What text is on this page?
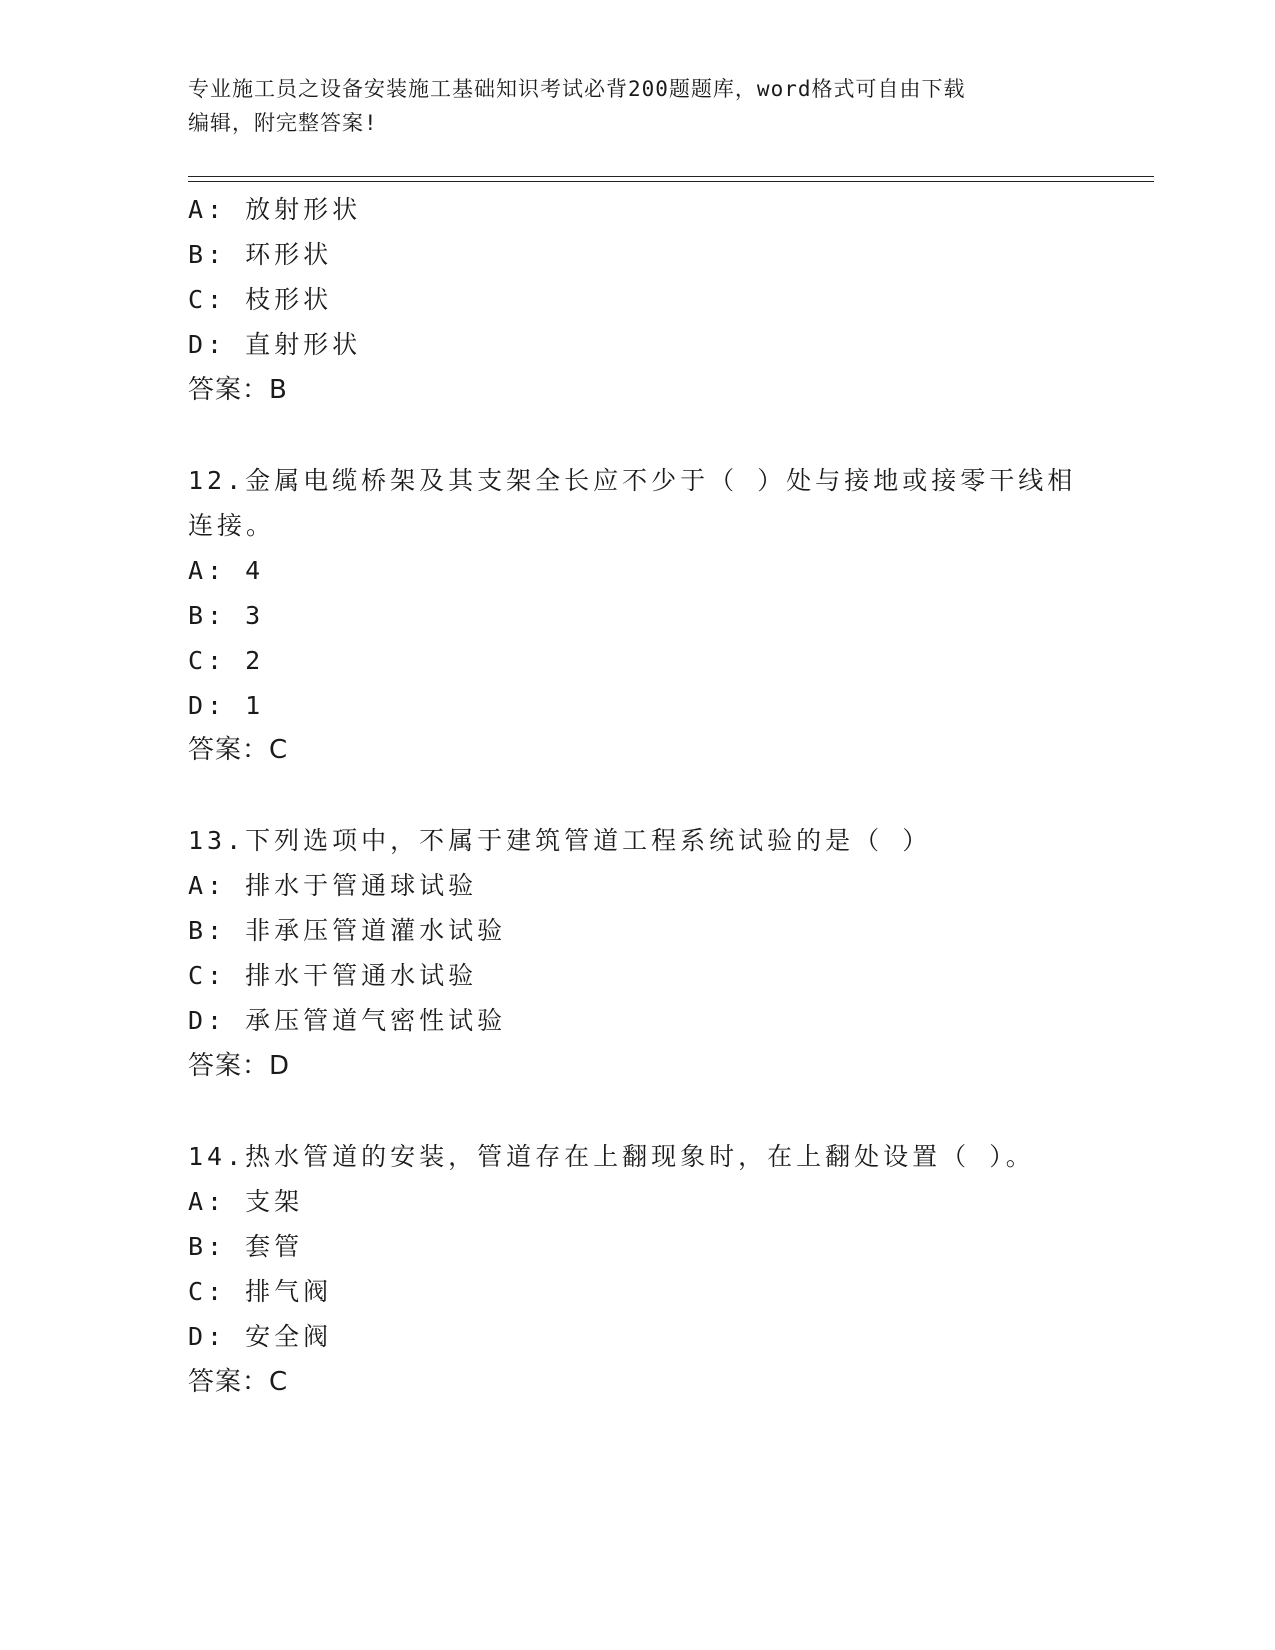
专业施工员之设备安装施工基础知识考试必背200题题库，word格式可自由下载
编辑，附完整答案!
A: 放射形状
B: 环形状
C: 枝形状
D: 直射形状
答案：B
12.金属电缆桥架及其支架全长应不少于（ ）处与接地或接零干线相
连接。
A: 4
B: 3
C: 2
D: 1
答案：C
13.下列选项中，不属于建筑管道工程系统试验的是（ ）
A: 排水于管通球试验
B: 非承压管道灌水试验
C: 排水干管通水试验
D: 承压管道气密性试验
答案：D
14.热水管道的安装，管道存在上翻现象时，在上翻处设置（ ）。
A: 支架
B: 套管
C: 排气阀
D: 安全阀
答案：C
